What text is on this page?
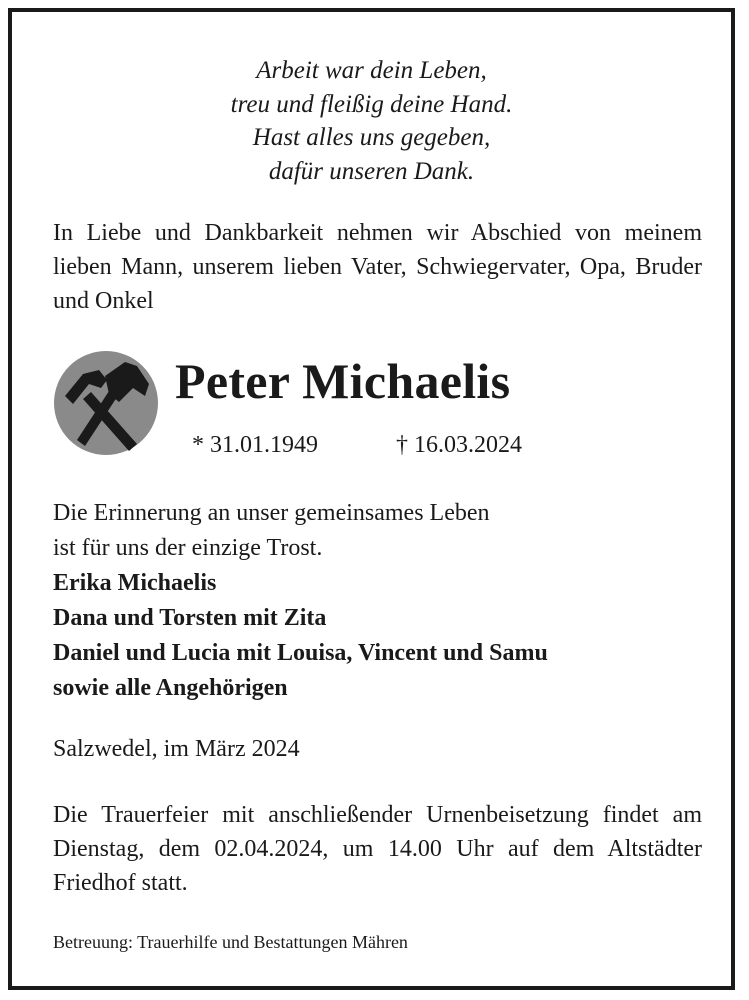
Arbeit war dein Leben,
treu und fleißig deine Hand.
Hast alles uns gegeben,
dafür unseren Dank.
In Liebe und Dankbarkeit nehmen wir Abschied von meinem lieben Mann, unserem lieben Vater, Schwiegervater, Opa, Bruder und Onkel
Peter Michaelis
* 31.01.1949	† 16.03.2024
Die Erinnerung an unser gemeinsames Leben
ist für uns der einzige Trost.
Erika Michaelis
Dana und Torsten mit Zita
Daniel und Lucia mit Louisa, Vincent und Samu
sowie alle Angehörigen
Salzwedel, im März 2024
Die Trauerfeier mit anschließender Urnenbeisetzung findet am Dienstag, dem 02.04.2024, um 14.00 Uhr auf dem Altstädter Friedhof statt.
Betreuung: Trauerhilfe und Bestattungen Mähren
